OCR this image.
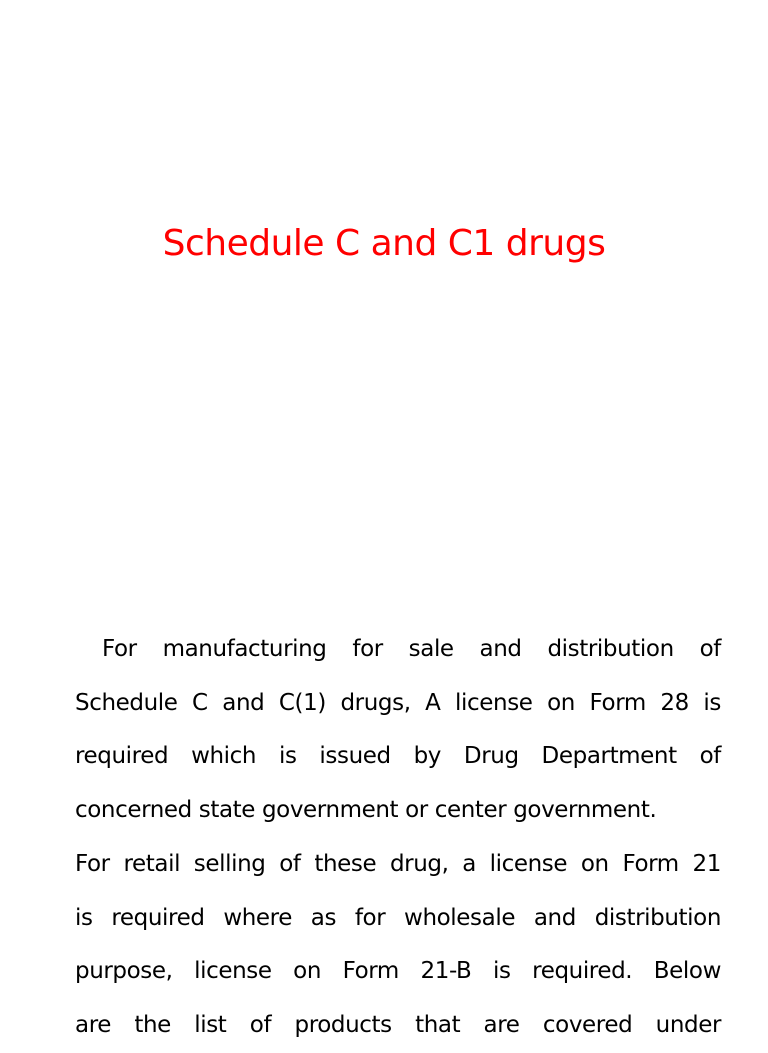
Schedule C and C1 drugs
For manufacturing for sale and distribution of
Schedule C and C(1) drugs, A license on Form 28 is
required which is issued by Drug Department of
concerned state government or center government.
For retail selling of these drug, a license on Form 21
is required where as for wholesale and distribution
purpose, license on Form 21-B is required. Below
are the list of products that are covered under
